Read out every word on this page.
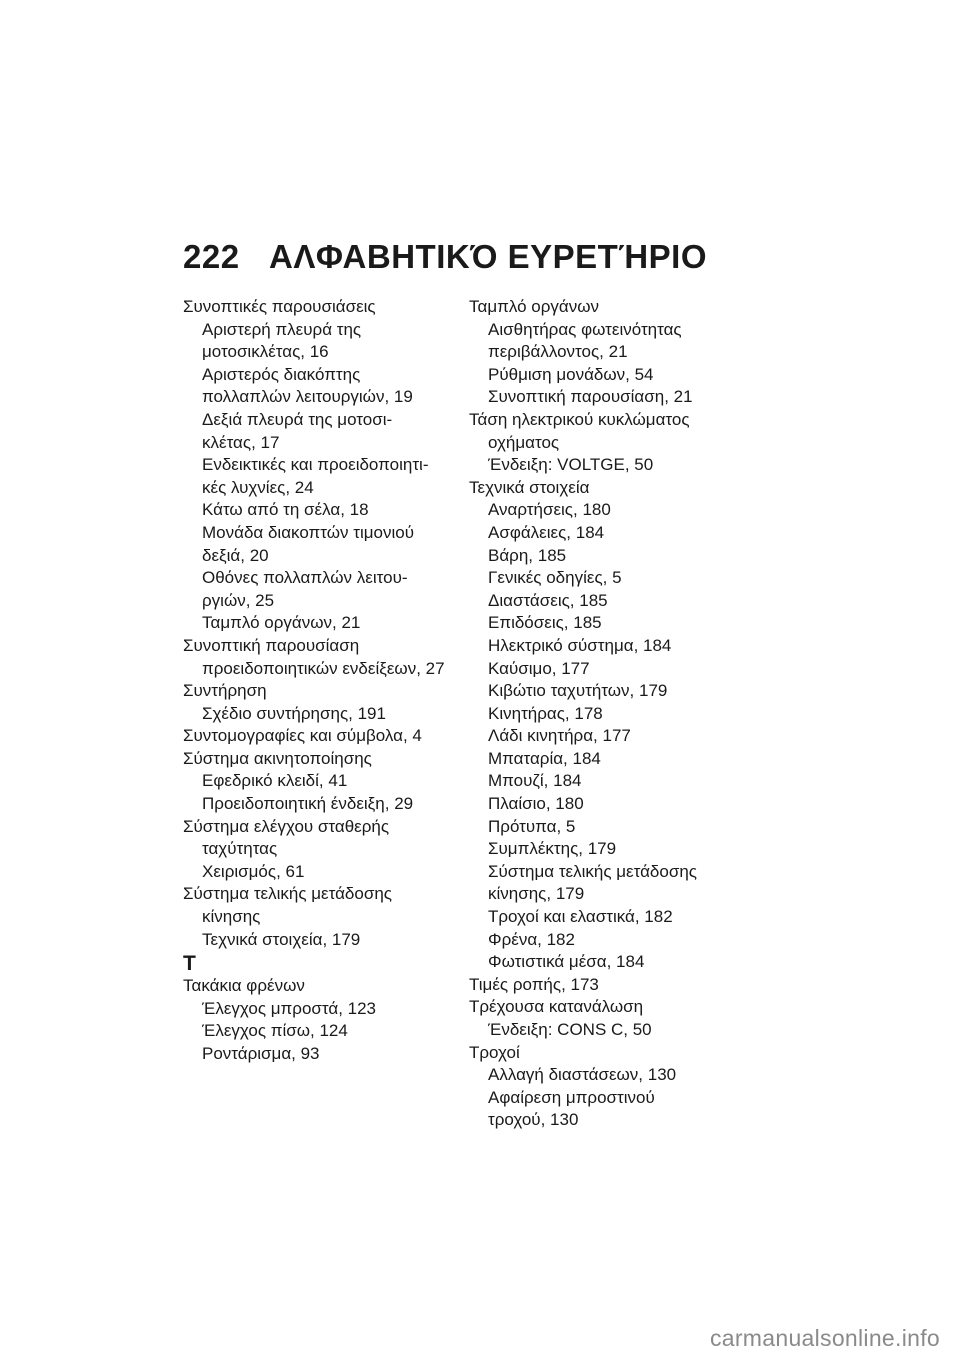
222 ΑΛΦΑΒΗΤΙΚΌ ΕΥΡΕΤΉΡΙΟ
Συνοπτικές παρουσιάσεις
Αριστερή πλευρά της
μοτοσικλέτας, 16
Αριστερός διακόπτης
πολλαπλών λειτουργιών, 19
Δεξιά πλευρά της μοτοσι-
κλέτας, 17
Ενδεικτικές και προειδοποιητι-
κές λυχνίες, 24
Κάτω από τη σέλα, 18
Μονάδα διακοπτών τιμονιού
δεξιά, 20
Οθόνες πολλαπλών λειτου-
ργιών, 25
Ταμπλό οργάνων, 21
Συνοπτική παρουσίαση
προειδοποιητικών ενδείξεων, 27
Συντήρηση
Σχέδιο συντήρησης, 191
Συντομογραφίες και σύμβολα, 4
Σύστημα ακινητοποίησης
Εφεδρικό κλειδί, 41
Προειδοποιητική ένδειξη, 29
Σύστημα ελέγχου σταθερής
ταχύτητας
Χειρισμός, 61
Σύστημα τελικής μετάδοσης
κίνησης
Τεχνικά στοιχεία, 179
Τ
Τακάκια φρένων
Έλεγχος μπροστά, 123
Έλεγχος πίσω, 124
Ροντάρισμα, 93
Ταμπλό οργάνων
Αισθητήρας φωτεινότητας
περιβάλλοντος, 21
Ρύθμιση μονάδων, 54
Συνοπτική παρουσίαση, 21
Τάση ηλεκτρικού κυκλώματος
οχήματος
Ένδειξη: VOLTGE, 50
Τεχνικά στοιχεία
Αναρτήσεις, 180
Ασφάλειες, 184
Βάρη, 185
Γενικές οδηγίες, 5
Διαστάσεις, 185
Επιδόσεις, 185
Ηλεκτρικό σύστημα, 184
Καύσιμο, 177
Κιβώτιο ταχυτήτων, 179
Κινητήρας, 178
Λάδι κινητήρα, 177
Μπαταρία, 184
Μπουζί, 184
Πλαίσιο, 180
Πρότυπα, 5
Συμπλέκτης, 179
Σύστημα τελικής μετάδοσης
κίνησης, 179
Τροχοί και ελαστικά, 182
Φρένα, 182
Φωτιστικά μέσα, 184
Τιμές ροπής, 173
Τρέχουσα κατανάλωση
Ένδειξη: CONS C, 50
Τροχοί
Αλλαγή διαστάσεων, 130
Αφαίρεση μπροστινού
τροχού, 130
carmanualsonline.info
